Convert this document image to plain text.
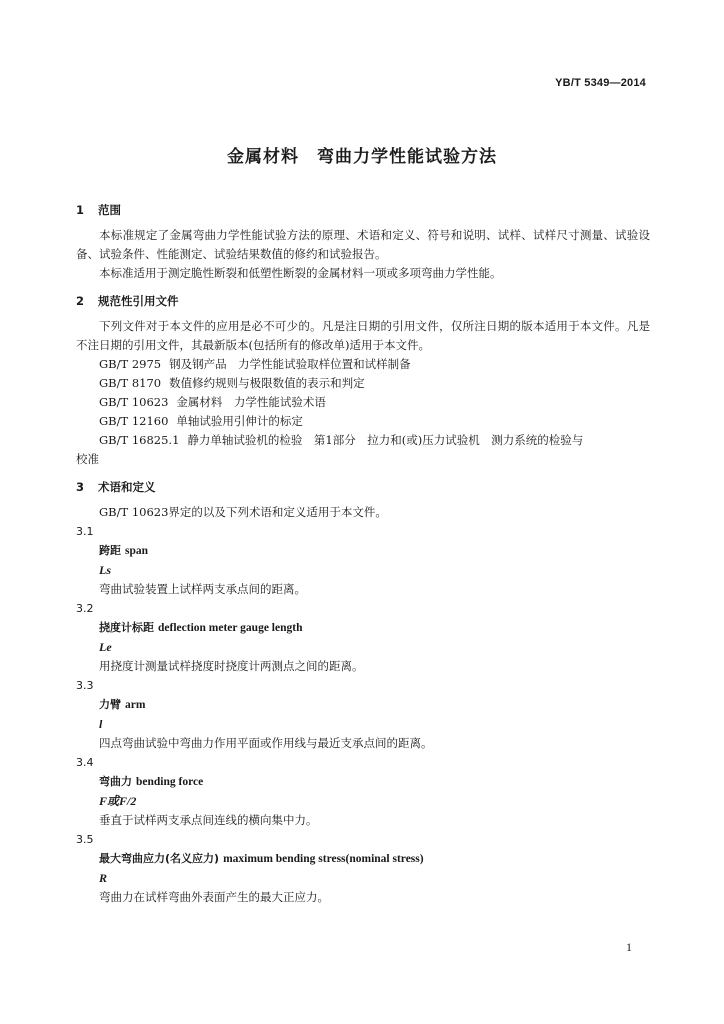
YB/T 5349—2014
金属材料 弯曲力学性能试验方法
1 范围

本标准规定了金属弯曲力学性能试验方法的原理、术语和定义、符号和说明、试样、试样尺寸测量、试验设备、试验条件、性能测定、试验结果数值的修约和试验报告。

本标准适用于测定脆性断裂和低塑性断裂的金属材料一项或多项弯曲力学性能。

2 规范性引用文件

下列文件对于本文件的应用是必不可少的。凡是注日期的引用文件，仅所注日期的版本适用于本文件。凡是不注日期的引用文件，其最新版本(包括所有的修改单)适用于本文件。

GB/T 2975 钢及钢产品　力学性能试验取样位置和试样制备
GB/T 8170 数值修约规则与极限数值的表示和判定
GB/T 10623 金属材料　力学性能试验术语
GB/T 12160 单轴试验用引伸计的标定
GB/T 16825.1 静力单轴试验机的检验　第1部分　拉力和(或)压力试验机　测力系统的检验与
校准
3 术语和定义

GB/T 10623界定的以及下列术语和定义适用于本文件。

3.1
跨距 span
Ls
弯曲试验装置上试样两支承点间的距离。
3.2
挠度计标距 deflection meter gauge length
Le
用挠度计测量试样挠度时挠度计两测点之间的距离。
3.3
力臂 arm
l
四点弯曲试验中弯曲力作用平面或作用线与最近支承点间的距离。
3.4
弯曲力 bending force
F或F/2
垂直于试样两支承点间连线的横向集中力。
3.5
最大弯曲应力(名义应力) maximum bending stress(nominal stress)
R
弯曲力在试样弯曲外表面产生的最大正应力。
1
